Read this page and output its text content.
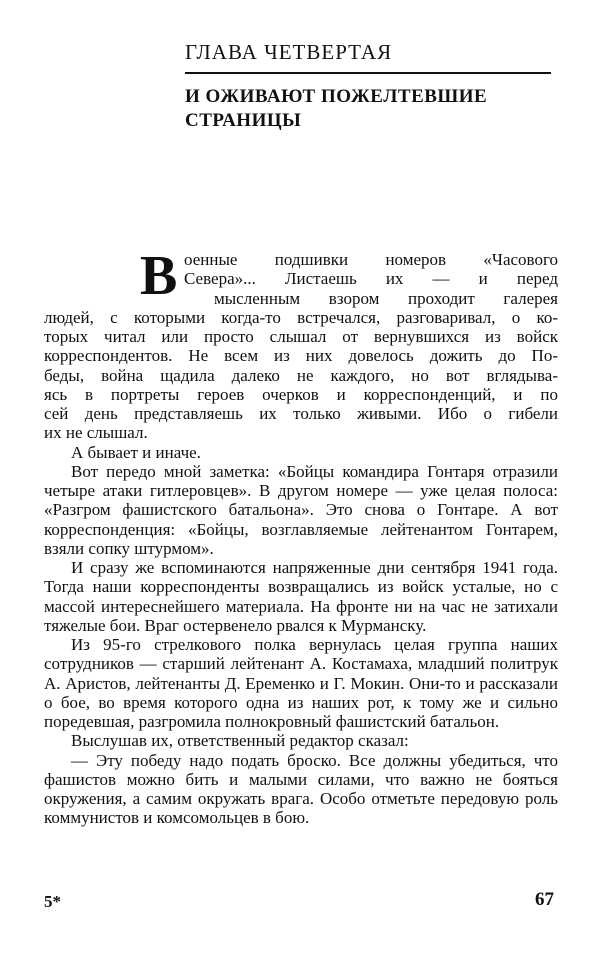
ГЛАВА ЧЕТВЕРТАЯ
И ОЖИВАЮТ ПОЖЕЛТЕВШИЕ
СТРАНИЦЫ
В оенные подшивки номеров «Часового
Севера»... Листаешь их — и перед
мысленным взором проходит галерея
людей, с которыми когда-то встречался, разговаривал, о ко-
торых читал или просто слышал от вернувшихся из войск
корреспондентов. Не всем из них довелось дожить до По-
беды, война щадила далеко не каждого, но вот вглядыва-
ясь в портреты героев очерков и корреспонденций, и по
сей день представляешь их только живыми. Ибо о гибели
их не слышал.

А бывает и иначе.

Вот передо мной заметка: «Бойцы командира Гонтаря отразили четыре атаки гитлеровцев». В другом номере — уже целая полоса: «Разгром фашистского батальона». Это снова о Гонтаре. А вот корреспонденция: «Бойцы, возглавляемые лейтенантом Гонтарем, взяли сопку штурмом».

И сразу же вспоминаются напряженные дни сентября 1941 года. Тогда наши корреспонденты возвращались из войск усталые, но с массой интереснейшего материала. На фронте ни на час не затихали тяжелые бои. Враг остервенело рвался к Мурманску.

Из 95-го стрелкового полка вернулась целая группа наших сотрудников — старший лейтенант А. Костамаха, младший политрук А. Аристов, лейтенанты Д. Еременко и Г. Мокин. Они-то и рассказали о бое, во время которого одна из наших рот, к тому же и сильно поредевшая, разгромила полнокровный фашистский батальон.

Выслушав их, ответственный редактор сказал:

— Эту победу надо подать броско. Все должны убедиться, что фашистов можно бить и малыми силами, что важно не бояться окружения, а самим окружать врага. Особо отметьте передовую роль коммунистов и комсомольцев в бою.

5*	67
